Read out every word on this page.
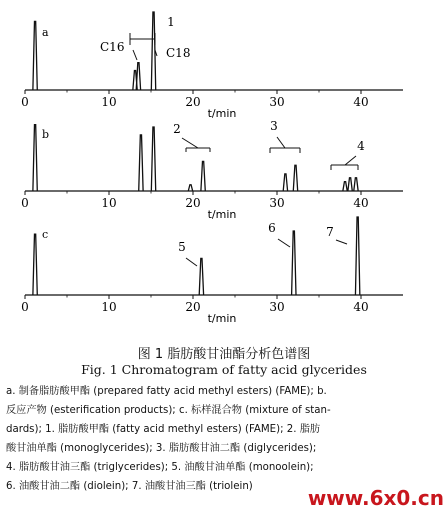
0	10	20	30	40
t/min
a
C16	C18
1
0	10	20	30	40
t/min
b	2	3
4
0	10	20	30	40
t/min
c
5
6	7
图 1 脂肪酸甘油酯分析色谱图
Fig. 1 Chromatogram of fatty acid glycerides
a. 制备脂肪酸甲酯 (prepared fatty acid methyl esters) (FAME); b.
反应产物 (esterification products); c. 标样混合物 (mixture of stan-
dards); 1. 脂肪酸甲酯 (fatty acid methyl esters) (FAME); 2. 脂肪
酸甘油单酯 (monoglycerides); 3. 脂肪酸甘油二酯 (diglycerides);
4. 脂肪酸甘油三酯 (triglycerides); 5. 油酸甘油单酯 (monoolein);
6. 油酸甘油二酯 (diolein); 7. 油酸甘油三酯 (triolein)	www.6x0.cn
